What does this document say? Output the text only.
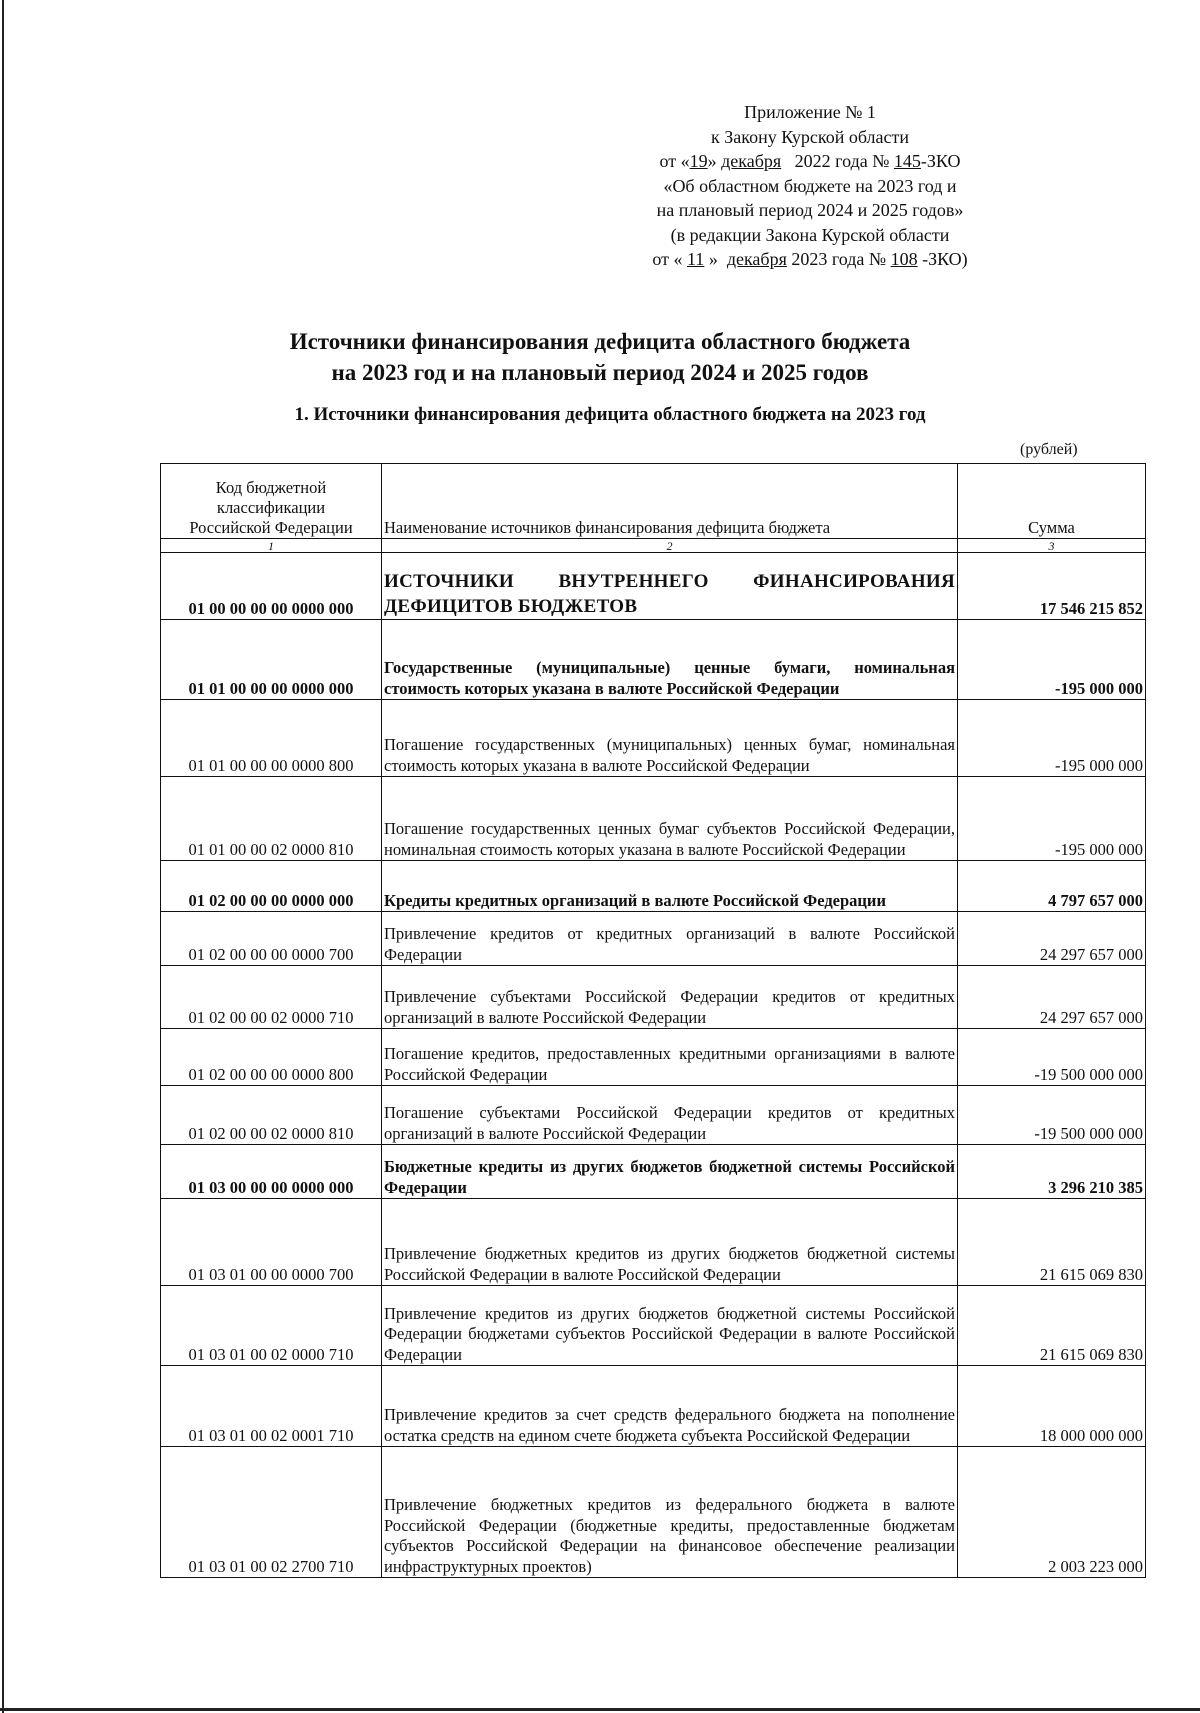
Приложение № 1
к Закону Курской области
от «19» декабря   2022 года № 145-ЗКО
«Об областном бюджете на 2023 год и
на плановый период 2024 и 2025 годов»
(в редакции Закона Курской области
от « 11 »  декабря 2023 года № 108 -ЗКО)
Источники финансирования дефицита областного бюджета
на 2023 год и на плановый период 2024 и 2025 годов
1. Источники финансирования дефицита областного бюджета на 2023 год
(рублей)
Код бюджетной
классификации
Российской Федерации	Наименование источников финансирования дефицита бюджета	Сумма
1	2	3
01 00 00 00 00 0000 000	ИСТОЧНИКИ ВНУТРЕННЕГО ФИНАНСИРОВАНИЯ ДЕФИЦИТОВ БЮДЖЕТОВ	17 546 215 852
01 01 00 00 00 0000 000	Государственные (муниципальные) ценные бумаги, номинальная стоимость которых указана в валюте Российской Федерации	-195 000 000
01 01 00 00 00 0000 800	Погашение государственных (муниципальных) ценных бумаг, номинальная стоимость которых указана в валюте Российской Федерации	-195 000 000
01 01 00 00 02 0000 810	Погашение государственных ценных бумаг субъектов Российской Федерации, номинальная стоимость которых указана в валюте Российской Федерации	-195 000 000
01 02 00 00 00 0000 000	Кредиты кредитных организаций в валюте Российской Федерации	4 797 657 000
01 02 00 00 00 0000 700	Привлечение кредитов от кредитных организаций в валюте Российской Федерации	24 297 657 000
01 02 00 00 02 0000 710	Привлечение субъектами Российской Федерации кредитов от кредитных организаций в валюте Российской Федерации	24 297 657 000
01 02 00 00 00 0000 800	Погашение кредитов, предоставленных кредитными организациями в валюте Российской Федерации	-19 500 000 000
01 02 00 00 02 0000 810	Погашение субъектами Российской Федерации кредитов от кредитных организаций в валюте Российской Федерации	-19 500 000 000
01 03 00 00 00 0000 000	Бюджетные кредиты из других бюджетов бюджетной системы Российской Федерации	3 296 210 385
01 03 01 00 00 0000 700	Привлечение бюджетных кредитов из других бюджетов бюджетной системы Российской Федерации в валюте Российской Федерации	21 615 069 830
01 03 01 00 02 0000 710	Привлечение кредитов из других бюджетов бюджетной системы Российской Федерации бюджетами субъектов Российской Федерации в валюте Российской Федерации	21 615 069 830
01 03 01 00 02 0001 710	Привлечение кредитов за счет средств федерального бюджета на пополнение остатка средств на едином счете бюджета субъекта Российской Федерации	18 000 000 000
01 03 01 00 02 2700 710	Привлечение бюджетных кредитов из федерального бюджета в валюте Российской Федерации (бюджетные кредиты, предоставленные бюджетам субъектов Российской Федерации на финансовое обеспечение реализации инфраструктурных проектов)	2 003 223 000
